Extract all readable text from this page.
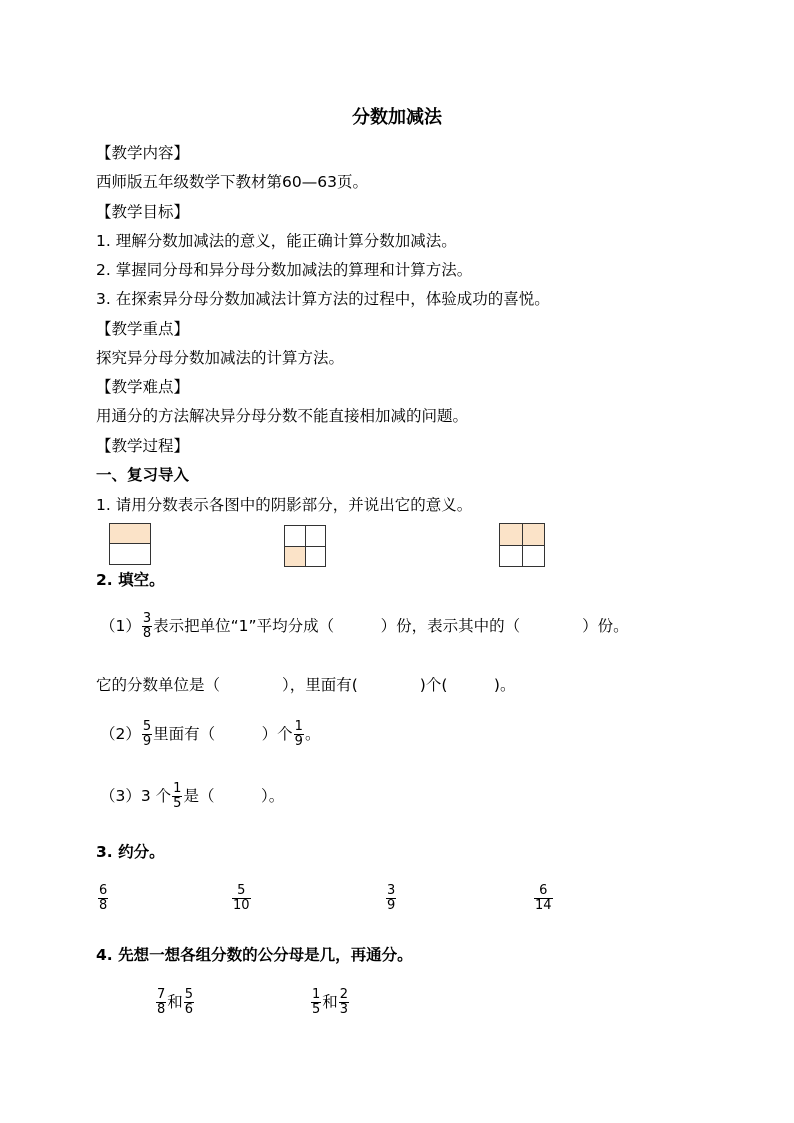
分数加减法
【教学内容】
西师版五年级数学下教材第60—63页。
【教学目标】
1. 理解分数加减法的意义，能正确计算分数加减法。
2. 掌握同分母和异分母分数加减法的算理和计算方法。
3. 在探索异分母分数加减法计算方法的过程中，体验成功的喜悦。
【教学重点】
探究异分母分数加减法的计算方法。
【教学难点】
用通分的方法解决异分母分数不能直接相加减的问题。
【教学过程】
一、复习导入
1. 请用分数表示各图中的阴影部分，并说出它的意义。
2. 填空。
$(1) \frac{3}{8}$ 表示把单位“1”平均分成（　　　）份，表示其中的（　　　　）份。
它的分数单位是（　　　　），里面有(　　　　)个(　　　)。
$(2) \frac{5}{9}$ 里面有（　　　）个 $\frac{1}{9}$ 。
（3）3 个 $\frac{1}{5}$ 是（　　　）。
3. 约分。
$\frac{6}{8}$	$\frac{5}{10}$	$\frac{3}{9}$	$\frac{6}{14}$
4. 先想一想各组分数的公分母是几，再通分。
$\frac{7}{8}$ 和 $\frac{5}{6}$	$\frac{1}{5}$ 和 $\frac{2}{3}$
